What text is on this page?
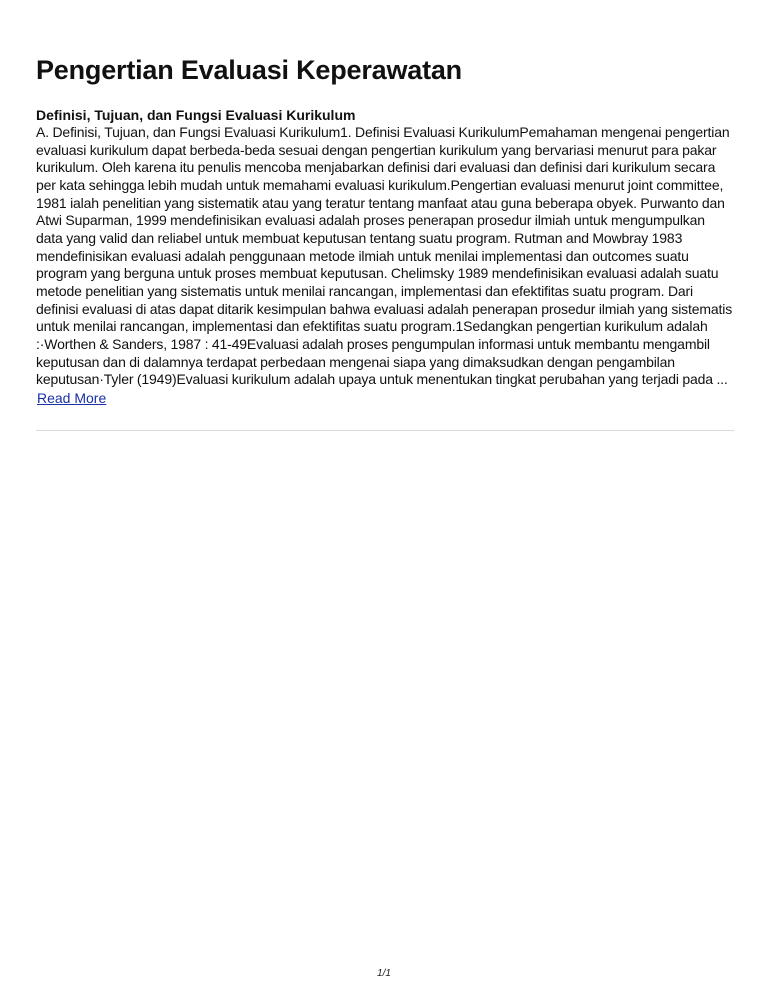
Pengertian Evaluasi Keperawatan

Definisi, Tujuan, dan Fungsi Evaluasi Kurikulum

A. Definisi, Tujuan, dan Fungsi Evaluasi Kurikulum1. Definisi Evaluasi KurikulumPemahaman mengenai pengertian evaluasi kurikulum dapat berbeda-beda sesuai dengan pengertian kurikulum yang bervariasi menurut para pakar kurikulum. Oleh karena itu penulis mencoba menjabarkan definisi dari evaluasi dan definisi dari kurikulum secara per kata sehingga lebih mudah untuk memahami evaluasi kurikulum.Pengertian evaluasi menurut joint committee, 1981 ialah penelitian yang sistematik atau yang teratur tentang manfaat atau guna beberapa obyek. Purwanto dan Atwi Suparman, 1999 mendefinisikan evaluasi adalah proses penerapan prosedur ilmiah untuk mengumpulkan data yang valid dan reliabel untuk membuat keputusan tentang suatu program. Rutman and Mowbray 1983 mendefinisikan evaluasi adalah penggunaan metode ilmiah untuk menilai implementasi dan outcomes suatu program yang berguna untuk proses membuat keputusan. Chelimsky 1989 mendefinisikan evaluasi adalah suatu metode penelitian yang sistematis untuk menilai rancangan, implementasi dan efektifitas suatu program. Dari definisi evaluasi di atas dapat ditarik kesimpulan bahwa evaluasi adalah penerapan prosedur ilmiah yang sistematis untuk menilai rancangan, implementasi dan efektifitas suatu program.1Sedangkan pengertian kurikulum adalah :·Worthen & Sanders, 1987 : 41-49Evaluasi adalah proses pengumpulan informasi untuk membantu mengambil keputusan dan di dalamnya terdapat perbedaan mengenai siapa yang dimaksudkan dengan pengambilan keputusan·Tyler (1949)Evaluasi kurikulum adalah upaya untuk menentukan tingkat perubahan yang terjadi pada ...

Read More
1/1
